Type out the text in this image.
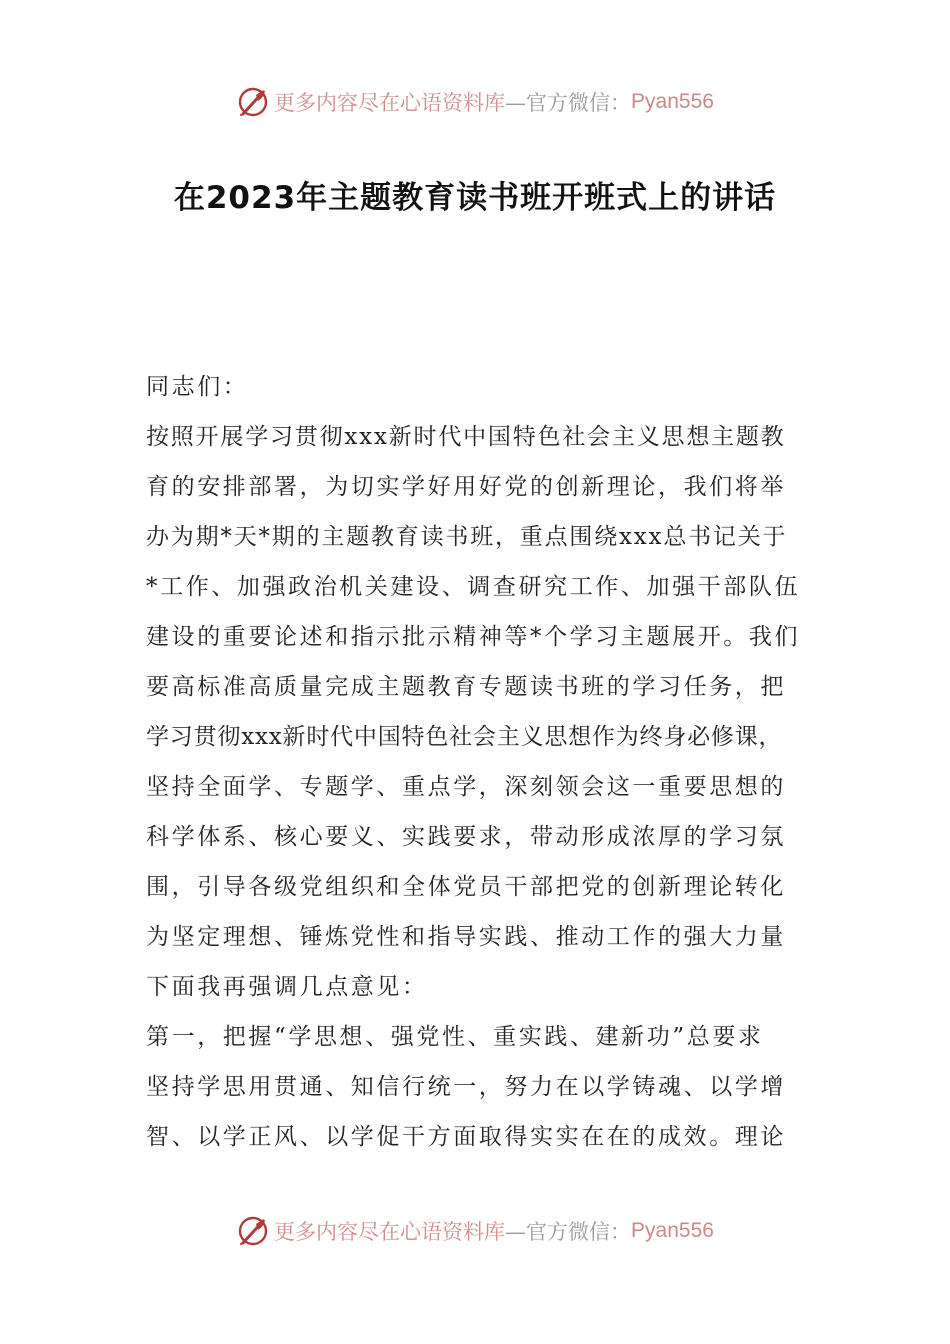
更多内容尽在心语资料库 —官方微信： Pyan556
在2023年主题教育读书班开班式上的讲话
同志们：
按照开展学习贯彻xxx新时代中国特色社会主义思想主题教
育的安排部署，为切实学好用好党的创新理论，我们将举
办为期*天*期的主题教育读书班，重点围绕xxx总书记关于
*工作、加强政治机关建设、调查研究工作、加强干部队伍
建设的重要论述和指示批示精神等*个学习主题展开。我们
要高标准高质量完成主题教育专题读书班的学习任务，把
学习贯彻xxx新时代中国特色社会主义思想作为终身必修课，
坚持全面学、专题学、重点学，深刻领会这一重要思想的
科学体系、核心要义、实践要求，带动形成浓厚的学习氛
围，引导各级党组织和全体党员干部把党的创新理论转化
为坚定理想、锤炼党性和指导实践、推动工作的强大力量
下面我再强调几点意见：
第一，把握“学思想、强党性、重实践、建新功”总要求
坚持学思用贯通、知信行统一，努力在以学铸魂、以学增
智、以学正风、以学促干方面取得实实在在的成效。理论
更多内容尽在心语资料库 —官方微信： Pyan556
